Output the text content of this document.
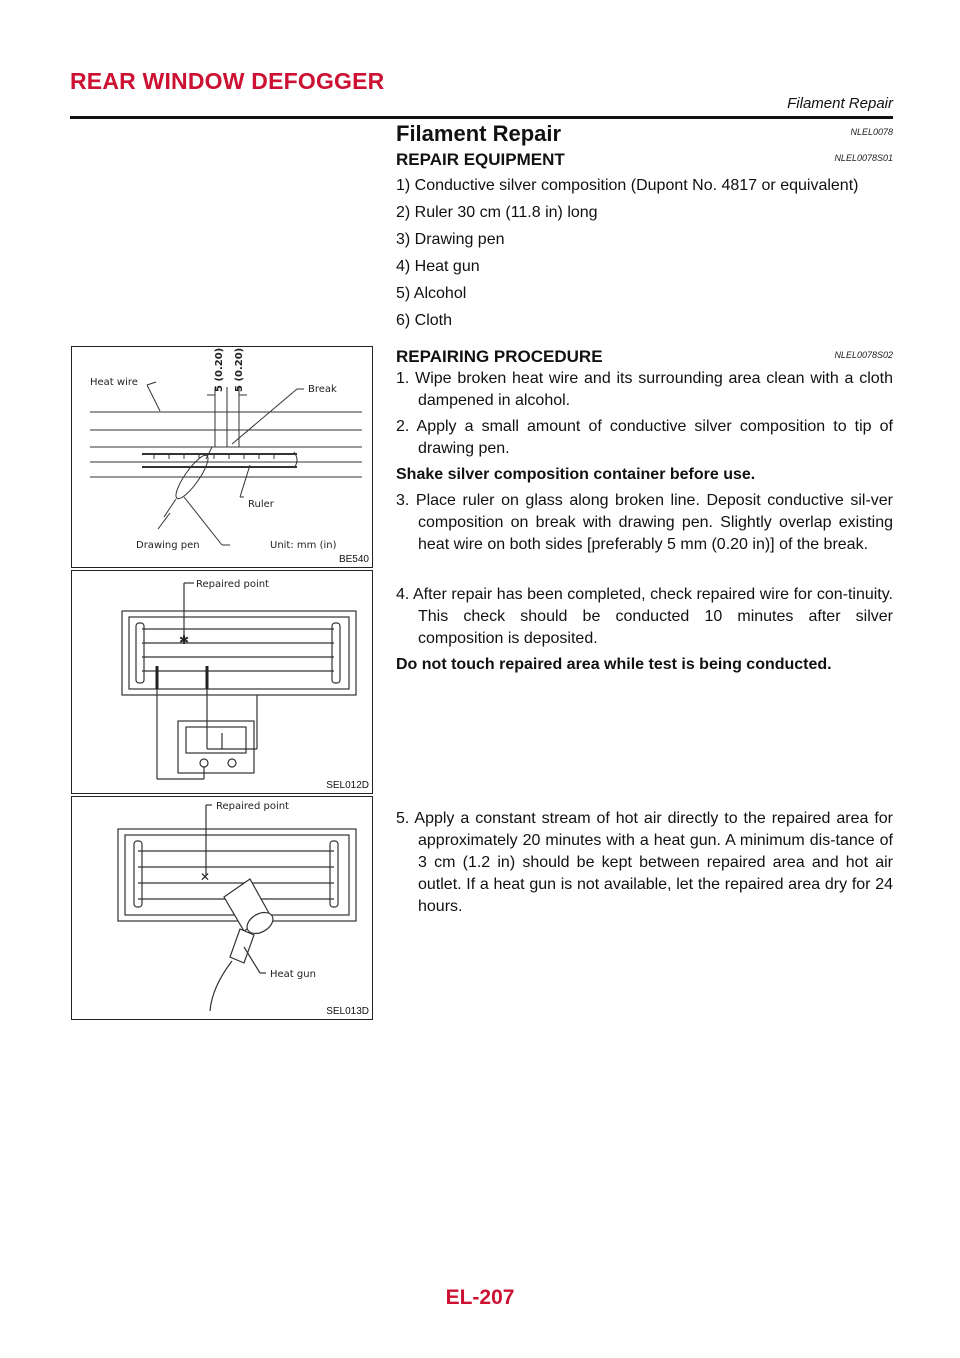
REAR WINDOW DEFOGGER
Filament Repair
Filament Repair	NLEL0078
REPAIR EQUIPMENT	NLEL0078S01
1) Conductive silver composition (Dupont No. 4817 or equivalent)
2) Ruler 30 cm (11.8 in) long
3) Drawing pen
4) Heat gun
5) Alcohol
6) Cloth
REPAIRING PROCEDURE	NLEL0078S02

1. Wipe broken heat wire and its surrounding area clean with a cloth dampened in alcohol.

2. Apply a small amount of conductive silver composition to tip of drawing pen.

Shake silver composition container before use.

3. Place ruler on glass along broken line. Deposit conductive sil-ver composition on break with drawing pen. Slightly overlap existing heat wire on both sides [preferably 5 mm (0.20 in)] of the break.

4. After repair has been completed, check repaired wire for con-tinuity. This check should be conducted 10 minutes after silver composition is deposited.

Do not touch repaired area while test is being conducted.

5. Apply a constant stream of hot air directly to the repaired area for approximately 20 minutes with a heat gun. A minimum dis-tance of 3 cm (1.2 in) should be kept between repaired area and hot air outlet. If a heat gun is not available, let the repaired area dry for 24 hours.

Heat wire	5 (0.20) 5 (0.20)	Break
Ruler
Drawing pen	Unit: mm (in)
BE540
✱
Repaired point
SEL012D
✕
Repaired point
Heat gun
SEL013D
EL-207
